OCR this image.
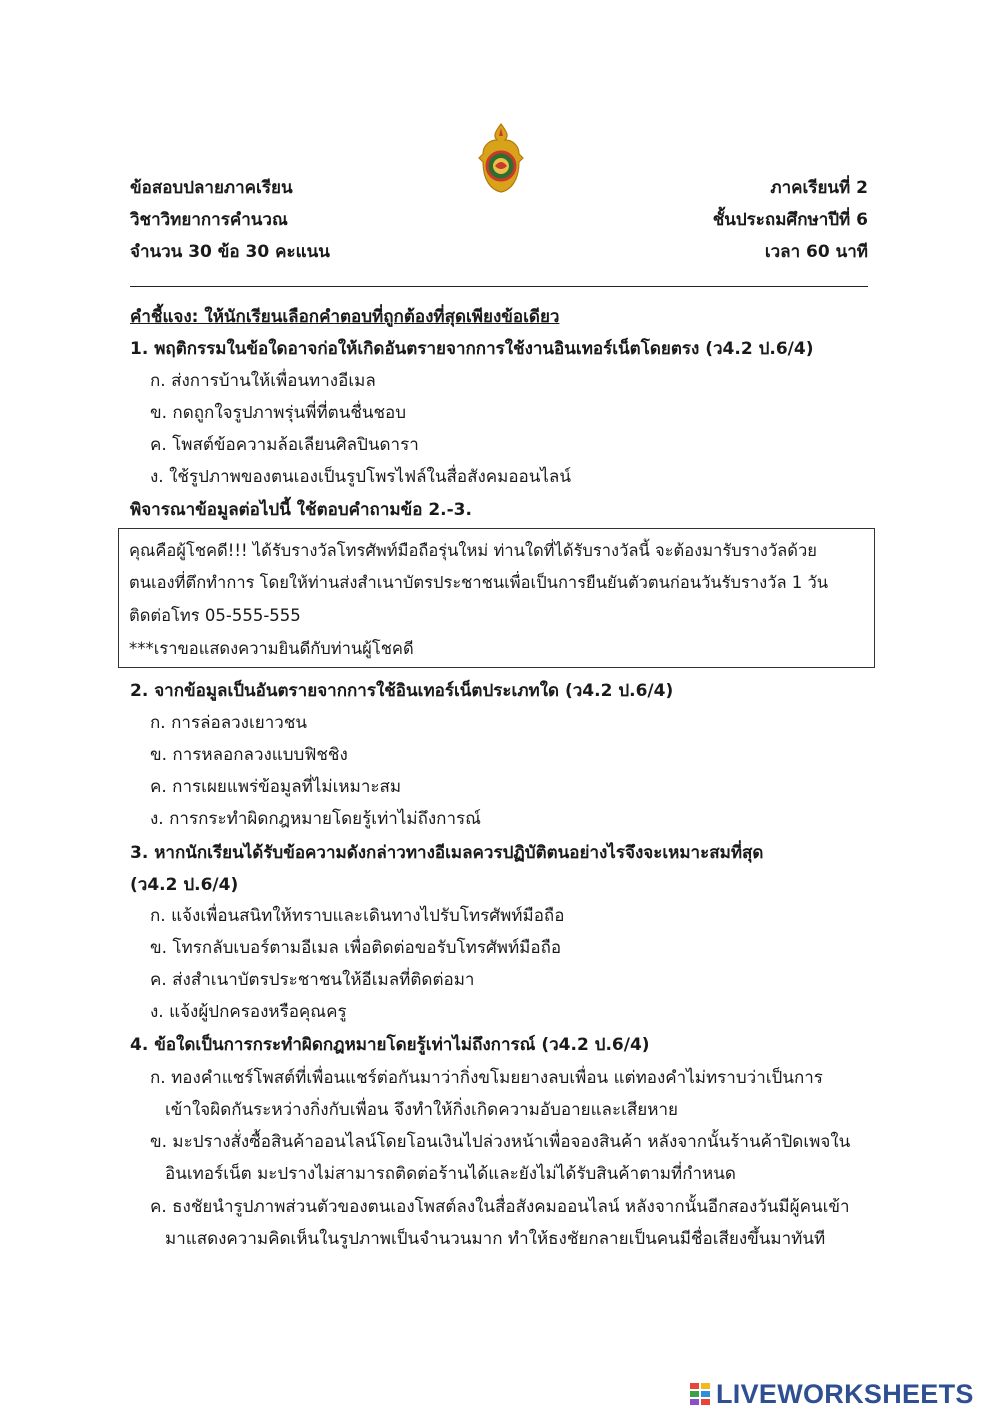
ข้อสอบปลายภาคเรียน	ภาคเรียนที่ 2
วิชาวิทยาการคำนวณ	ชั้นประถมศึกษาปีที่ 6
จำนวน 30 ข้อ 30 คะแนน	เวลา 60 นาที
คำชี้แจง: ให้นักเรียนเลือกคำตอบที่ถูกต้องที่สุดเพียงข้อเดียว
1. พฤติกรรมในข้อใดอาจก่อให้เกิดอันตรายจากการใช้งานอินเทอร์เน็ตโดยตรง (ว4.2 ป.6/4)
ก. ส่งการบ้านให้เพื่อนทางอีเมล
ข. กดถูกใจรูปภาพรุ่นพี่ที่ตนชื่นชอบ
ค. โพสต์ข้อความล้อเลียนศิลปินดารา
ง. ใช้รูปภาพของตนเองเป็นรูปโพรไฟล์ในสื่อสังคมออนไลน์
พิจารณาข้อมูลต่อไปนี้ ใช้ตอบคำถามข้อ 2.-3.
คุณคือผู้โชคดี!!! ได้รับรางวัลโทรศัพท์มือถือรุ่นใหม่ ท่านใดที่ได้รับรางวัลนี้ จะต้องมารับรางวัลด้วย
ตนเองที่ตึกทำการ โดยให้ท่านส่งสำเนาบัตรประชาชนเพื่อเป็นการยืนยันตัวตนก่อนวันรับรางวัล 1 วัน
ติดต่อโทร 05-555-555
***เราขอแสดงความยินดีกับท่านผู้โชคดี
2. จากข้อมูลเป็นอันตรายจากการใช้อินเทอร์เน็ตประเภทใด (ว4.2 ป.6/4)
ก. การล่อลวงเยาวชน
ข. การหลอกลวงแบบฟิชชิง
ค. การเผยแพร่ข้อมูลที่ไม่เหมาะสม
ง. การกระทำผิดกฎหมายโดยรู้เท่าไม่ถึงการณ์
3. หากนักเรียนได้รับข้อความดังกล่าวทางอีเมลควรปฏิบัติตนอย่างไรจึงจะเหมาะสมที่สุด
(ว4.2 ป.6/4)
ก. แจ้งเพื่อนสนิทให้ทราบและเดินทางไปรับโทรศัพท์มือถือ
ข. โทรกลับเบอร์ตามอีเมล เพื่อติดต่อขอรับโทรศัพท์มือถือ
ค. ส่งสำเนาบัตรประชาชนให้อีเมลที่ติดต่อมา
ง. แจ้งผู้ปกครองหรือคุณครู
4. ข้อใดเป็นการกระทำผิดกฎหมายโดยรู้เท่าไม่ถึงการณ์ (ว4.2 ป.6/4)
ก. ทองคำแชร์โพสต์ที่เพื่อนแชร์ต่อกันมาว่ากิ่งขโมยยางลบเพื่อน แต่ทองคำไม่ทราบว่าเป็นการ
เข้าใจผิดกันระหว่างกิ่งกับเพื่อน จึงทำให้กิ่งเกิดความอับอายและเสียหาย
ข. มะปรางสั่งซื้อสินค้าออนไลน์โดยโอนเงินไปล่วงหน้าเพื่อจองสินค้า หลังจากนั้นร้านค้าปิดเพจใน
อินเทอร์เน็ต มะปรางไม่สามารถติดต่อร้านได้และยังไม่ได้รับสินค้าตามที่กำหนด
ค. ธงชัยนำรูปภาพส่วนตัวของตนเองโพสต์ลงในสื่อสังคมออนไลน์ หลังจากนั้นอีกสองวันมีผู้คนเข้า
มาแสดงความคิดเห็นในรูปภาพเป็นจำนวนมาก ทำให้ธงชัยกลายเป็นคนมีชื่อเสียงขึ้นมาทันที
LIVEWORKSHEETS
